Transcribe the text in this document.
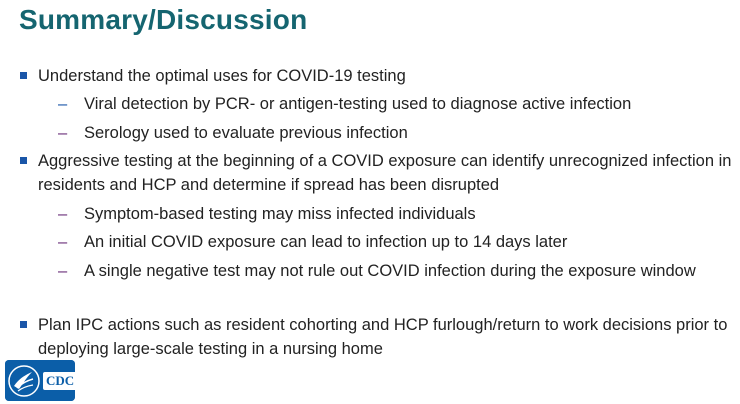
Summary/Discussion
Understand the optimal uses for COVID-19 testing
– Viral detection by PCR- or antigen-testing used to diagnose active infection
– Serology used to evaluate previous infection
Aggressive testing at the beginning of a COVID exposure can identify unrecognized infection in residents and HCP and determine if spread has been disrupted
– Symptom-based testing may miss infected individuals
– An initial COVID exposure can lead to infection up to 14 days later
– A single negative test may not rule out COVID infection during the exposure window
Plan IPC actions such as resident cohorting and HCP furlough/return to work decisions prior to deploying large-scale testing in a nursing home
CDC
